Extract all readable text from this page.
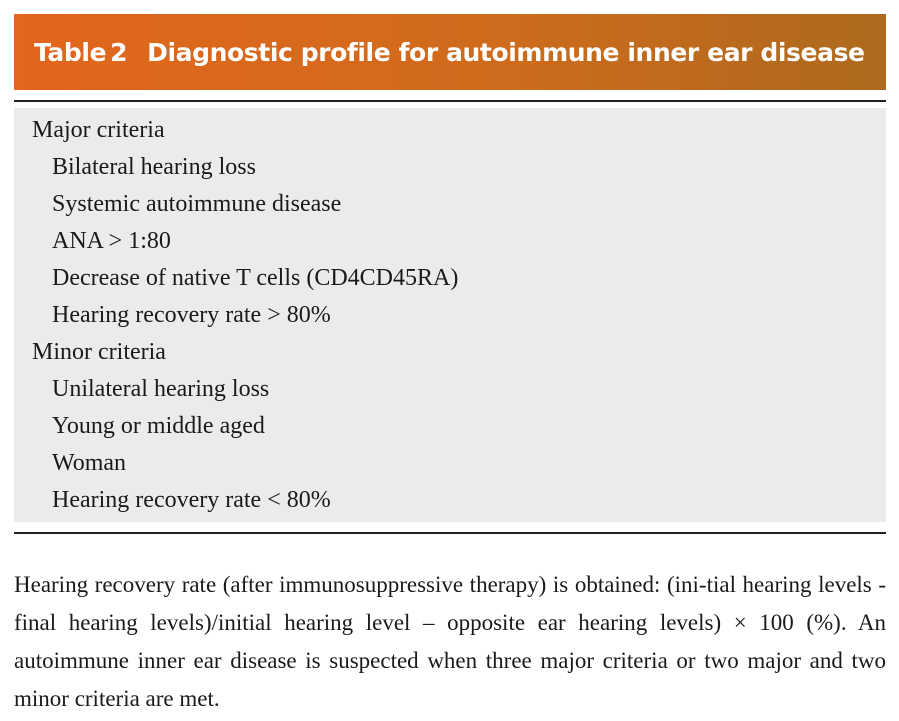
Table 2 Diagnostic profile for autoimmune inner ear disease
Major criteria
Bilateral hearing loss
Systemic autoimmune disease
ANA > 1:80
Decrease of native T cells (CD4CD45RA)
Hearing recovery rate > 80%
Minor criteria
Unilateral hearing loss
Young or middle aged
Woman
Hearing recovery rate < 80%
Hearing recovery rate (after immunosuppressive therapy) is obtained: (ini-tial hearing levels - final hearing levels)/initial hearing level – opposite ear hearing levels) × 100 (%). An autoimmune inner ear disease is suspected when three major criteria or two major and two minor criteria are met.
